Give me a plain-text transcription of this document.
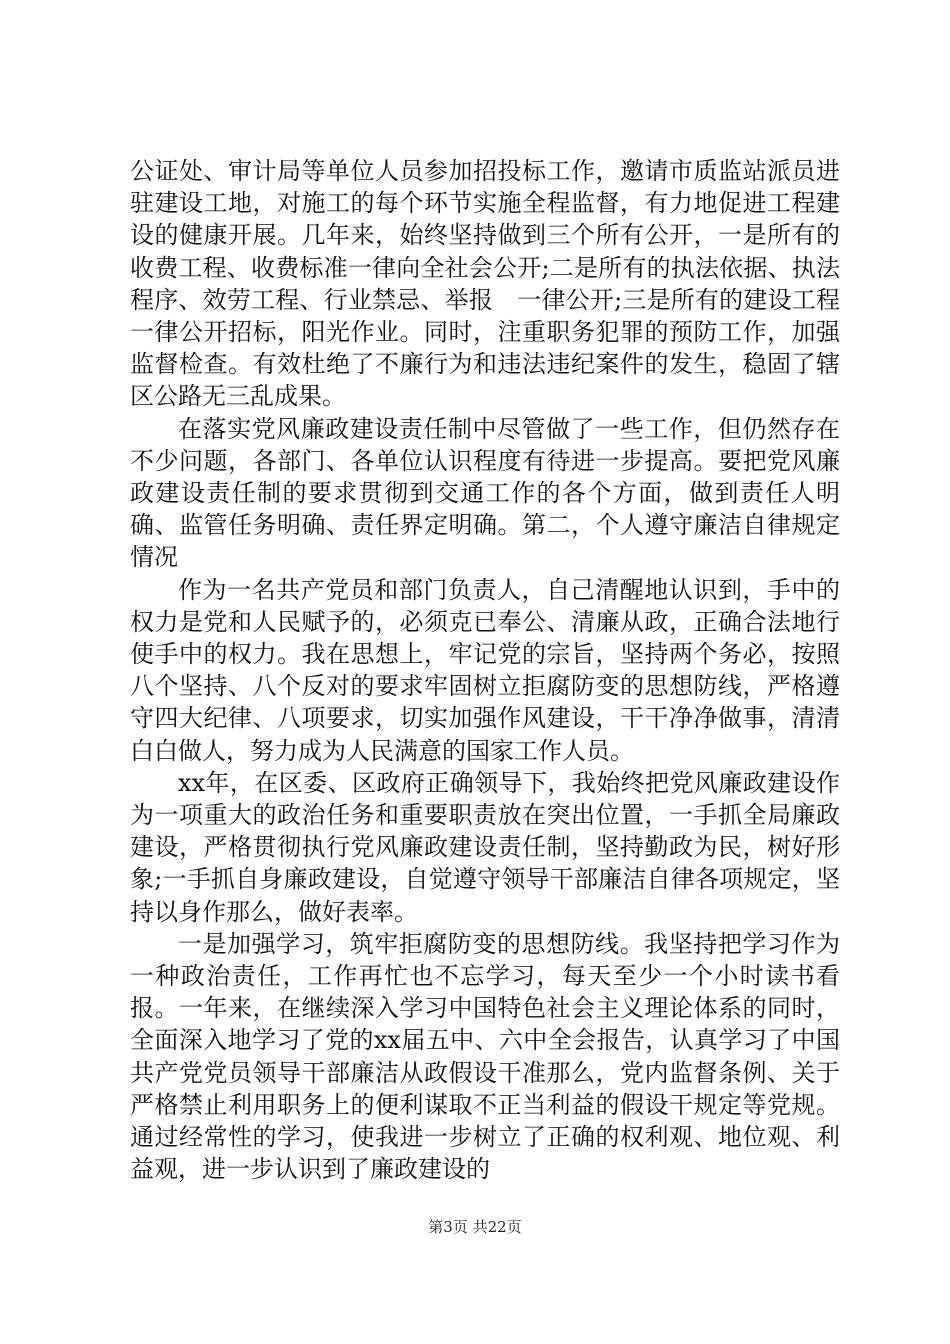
公证处、审计局等单位人员参加招投标工作，邀请市质监站派员进驻建设工地，对施工的每个环节实施全程监督，有力地促进工程建设的健康开展。几年来，始终坚持做到三个所有公开，一是所有的收费工程、收费标准一律向全社会公开;二是所有的执法依据、执法程序、效劳工程、行业禁忌、举报　一律公开;三是所有的建设工程一律公开招标，阳光作业。同时，注重职务犯罪的预防工作，加强监督检查。有效杜绝了不廉行为和违法违纪案件的发生，稳固了辖区公路无三乱成果。

在落实党风廉政建设责任制中尽管做了一些工作，但仍然存在不少问题，各部门、各单位认识程度有待进一步提高。要把党风廉政建设责任制的要求贯彻到交通工作的各个方面，做到责任人明确、监管任务明确、责任界定明确。第二，个人遵守廉洁自律规定情况

作为一名共产党员和部门负责人，自己清醒地认识到，手中的权力是党和人民赋予的，必须克已奉公、清廉从政，正确合法地行使手中的权力。我在思想上，牢记党的宗旨，坚持两个务必，按照八个坚持、八个反对的要求牢固树立拒腐防变的思想防线，严格遵守四大纪律、八项要求，切实加强作风建设，干干净净做事，清清白白做人，努力成为人民满意的国家工作人员。

xx年，在区委、区政府正确领导下，我始终把党风廉政建设作为一项重大的政治任务和重要职责放在突出位置，一手抓全局廉政建设，严格贯彻执行党风廉政建设责任制，坚持勤政为民，树好形象;一手抓自身廉政建设，自觉遵守领导干部廉洁自律各项规定，坚持以身作那么，做好表率。

一是加强学习，筑牢拒腐防变的思想防线。我坚持把学习作为一种政治责任，工作再忙也不忘学习，每天至少一个小时读书看报。一年来，在继续深入学习中国特色社会主义理论体系的同时，全面深入地学习了党的xx届五中、六中全会报告，认真学习了中国共产党党员领导干部廉洁从政假设干准那么，党内监督条例、关于严格禁止利用职务上的便利谋取不正当利益的假设干规定等党规。通过经常性的学习，使我进一步树立了正确的权利观、地位观、利益观，进一步认识到了廉政建设的

第3页 共22页
